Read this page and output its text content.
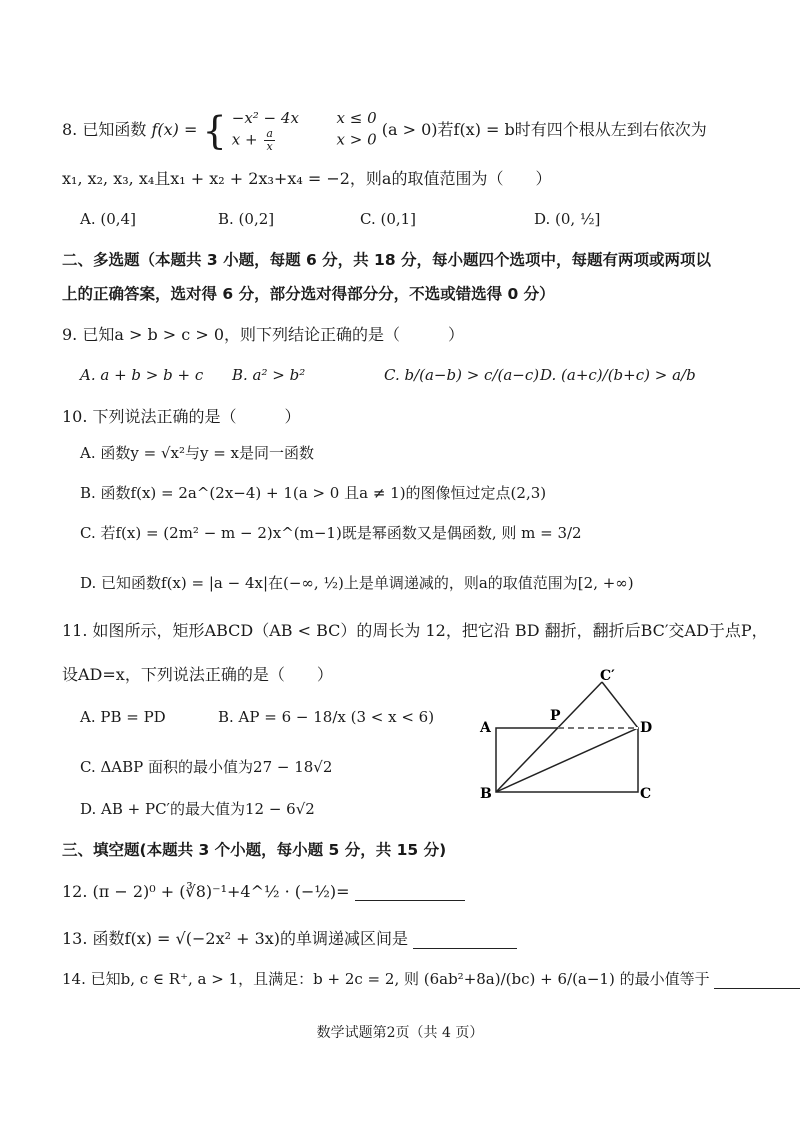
8. 已知函数 f(x) = { −x² − 4x	x ≤ 0
$x + \frac{a}{x}$	x > 0 (a > 0)若f(x) = b时有四个根从左到右依次为
x₁, x₂, x₃, x₄且x₁ + x₂ + 2x₃+x₄ = −2，则a的取值范围为（　　）
A. (0,4]	B. (0,2]	C. (0,1]	D. (0, ½]
二、多选题（本题共 3 小题，每题 6 分，共 18 分，每小题四个选项中，每题有两项或两项以
上的正确答案，选对得 6 分，部分选对得部分分，不选或错选得 0 分）
9. 已知a > b > c > 0，则下列结论正确的是（　　　）
A. a + b > b + c B. a² > b²	C. b/(a−b) > c/(a−c) D. (a+c)/(b+c) > a/b
10. 下列说法正确的是（　　　）
A. 函数y = √x²与y = x是同一函数
B. 函数f(x) = 2a^(2x−4) + 1(a > 0 且a ≠ 1)的图像恒过定点(2,3)
C. 若f(x) = (2m² − m − 2)x^(m−1)既是幂函数又是偶函数, 则 m = 3/2
D. 已知函数f(x) = |a − 4x|在(−∞, ½)上是单调递减的，则a的取值范围为[2, +∞)
11. 如图所示，矩形ABCD（AB < BC）的周长为 12，把它沿 BD 翻折，翻折后BC′交AD于点P，
设AD=x，下列说法正确的是（　　）
A. PB = PD	B. AP = 6 − 18/x (3 < x < 6)
C. ΔABP 面积的最小值为27 − 18√2
D. AB + PC′的最大值为12 − 6√2
C′
P
A	D
B	C
三、填空题(本题共 3 个小题，每小题 5 分，共 15 分)
12. (π − 2)⁰ + (∛8)⁻¹+4^½ · (−½)=
13. 函数f(x) = √(−2x² + 3x)的单调递减区间是
14. 已知b, c ∈ R⁺, a > 1，且满足：b + 2c = 2, 则 (6ab²+8a)/(bc) + 6/(a−1) 的最小值等于
数学试题第2页（共 4 页）
